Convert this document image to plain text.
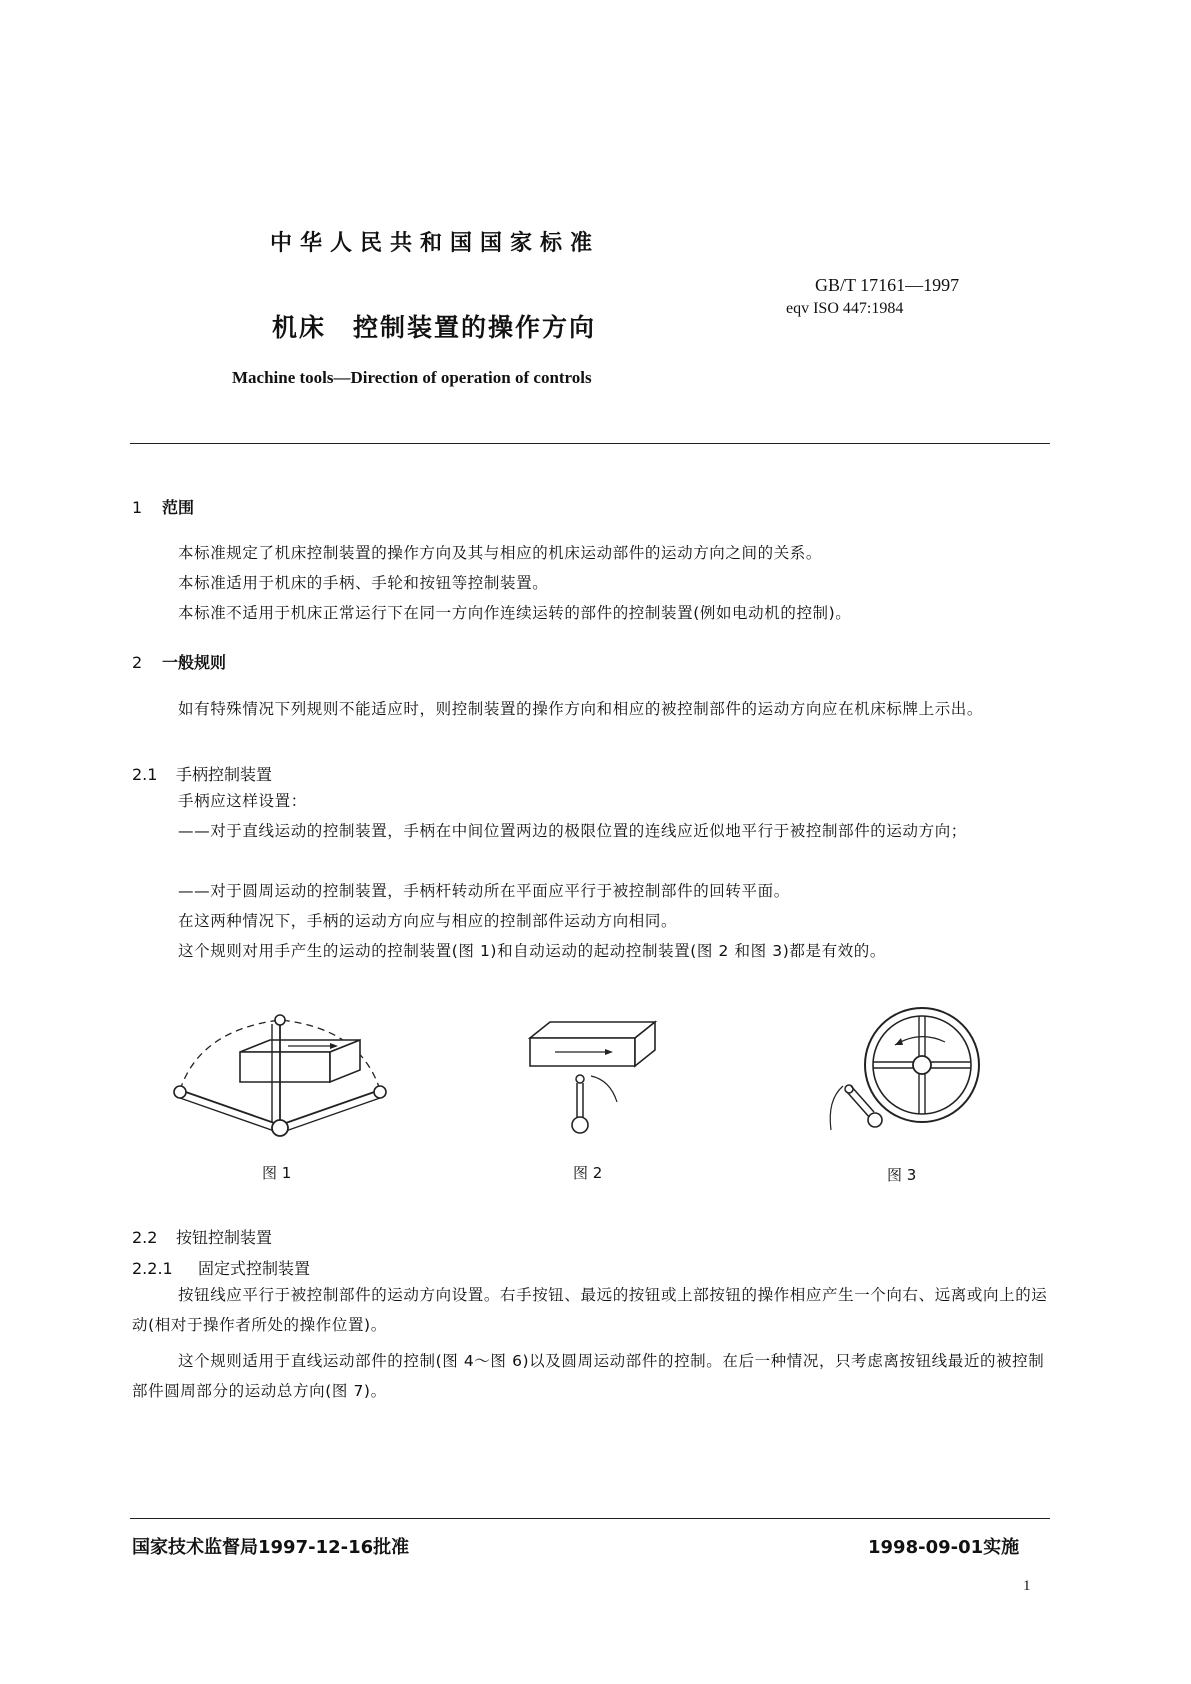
中华人民共和国国家标准
GB/T 17161—1997
eqv ISO 447:1984
机床　控制装置的操作方向
Machine tools—Direction of operation of controls
1 范围
本标准规定了机床控制装置的操作方向及其与相应的机床运动部件的运动方向之间的关系。
本标准适用于机床的手柄、手轮和按钮等控制装置。
本标准不适用于机床正常运行下在同一方向作连续运转的部件的控制装置(例如电动机的控制)。
2 一般规则
如有特殊情况下列规则不能适应时，则控制装置的操作方向和相应的被控制部件的运动方向应在机床标牌上示出。
2.1 手柄控制装置
手柄应这样设置：
——对于直线运动的控制装置，手柄在中间位置两边的极限位置的连线应近似地平行于被控制部件的运动方向；
——对于圆周运动的控制装置，手柄杆转动所在平面应平行于被控制部件的回转平面。
在这两种情况下，手柄的运动方向应与相应的控制部件运动方向相同。
这个规则对用手产生的运动的控制装置(图 1)和自动运动的起动控制装置(图 2 和图 3)都是有效的。
图 1	图 2	图 3
2.2 按钮控制装置
2.2.1 固定式控制装置
按钮线应平行于被控制部件的运动方向设置。右手按钮、最远的按钮或上部按钮的操作相应产生一个向右、远离或向上的运动(相对于操作者所处的操作位置)。
这个规则适用于直线运动部件的控制(图 4～图 6)以及圆周运动部件的控制。在后一种情况，只考虑离按钮线最近的被控制部件圆周部分的运动总方向(图 7)。
国家技术监督局1997-12-16批准	1998-09-01实施
1
